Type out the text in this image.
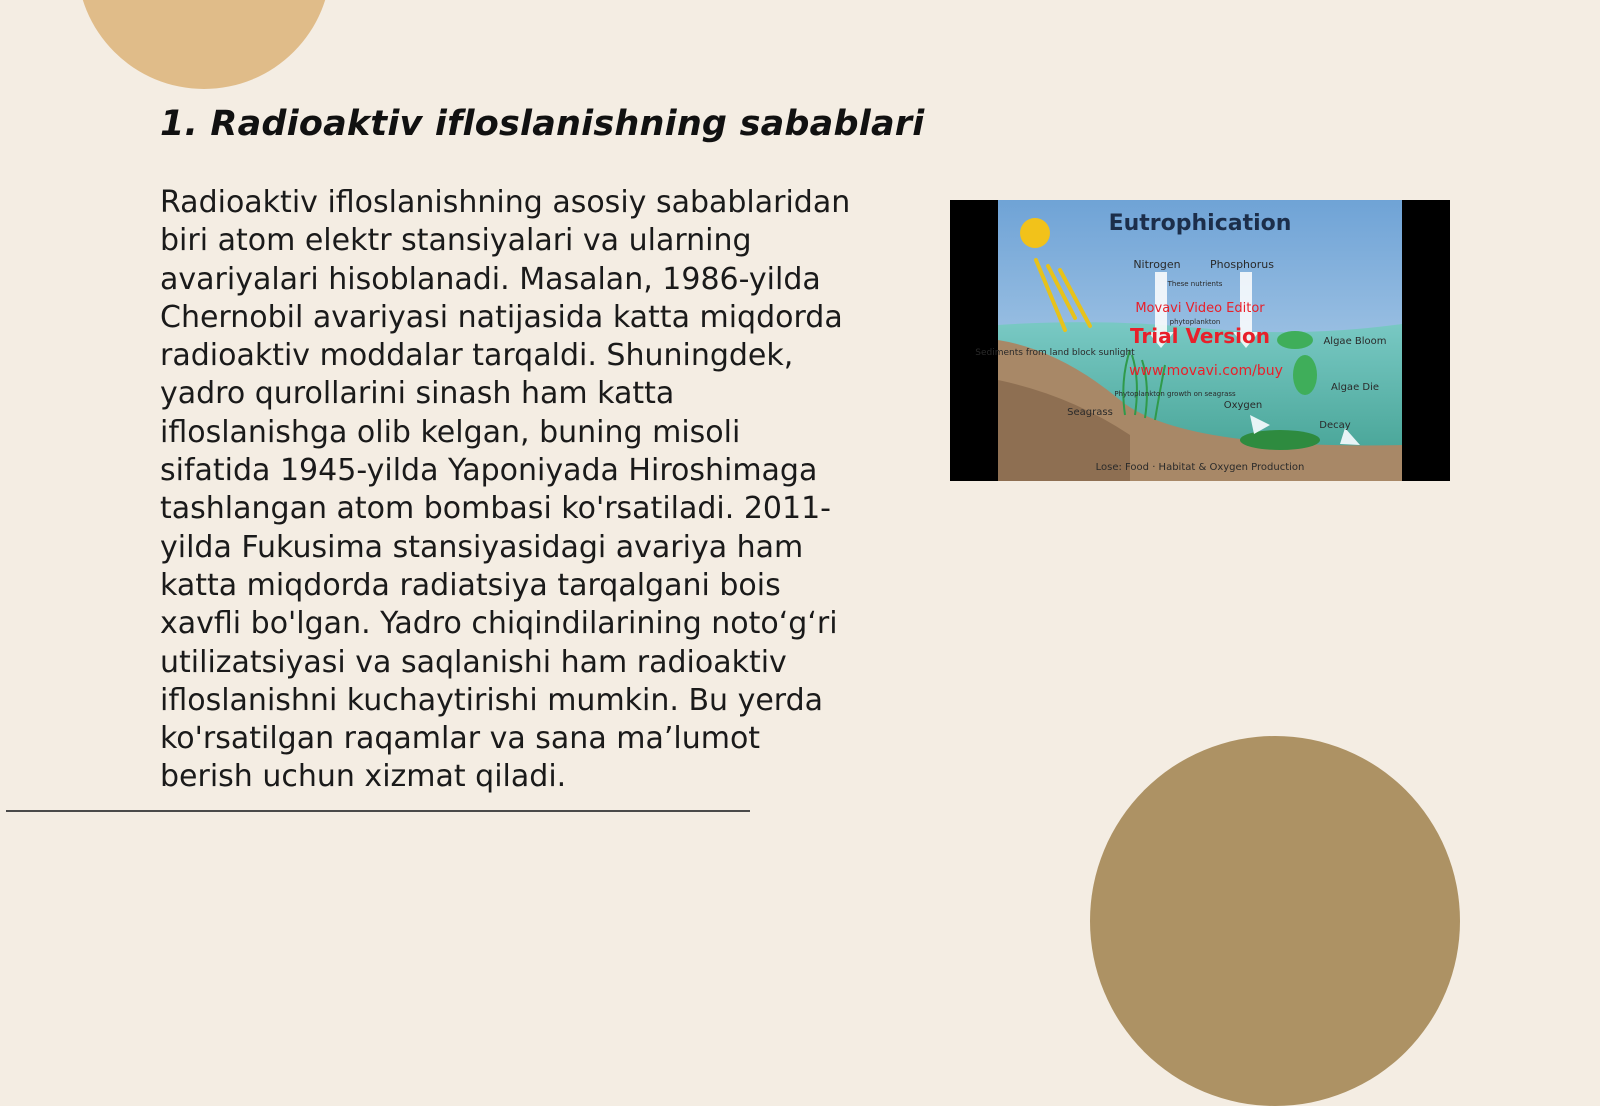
1. Radioaktiv ifloslanishning sabablari

Radioaktiv ifloslanishning asosiy sabablaridan biri atom elektr stansiyalari va ularning avariyalari hisoblanadi. Masalan, 1986-yilda Chernobil avariyasi natijasida katta miqdorda radioaktiv moddalar tarqaldi. Shuningdek, yadro qurollarini sinash ham katta ifloslanishga olib kelgan, buning misoli sifatida 1945-yilda Yaponiyada Hiroshimaga tashlangan atom bombasi ko'rsatiladi. 2011-yilda Fukusima stansiyasidagi avariya ham katta miqdorda radiatsiya tarqalgani bois xavfli bo'lgan. Yadro chiqindilarining noto‘g‘ri utilizatsiyasi va saqlanishi ham radioaktiv ifloslanishni kuchaytirishi mumkin. Bu yerda ko'rsatilgan raqamlar va sana ma’lumot berish uchun xizmat qiladi.

Eutrophication
Nitrogen	Phosphorus
These nutrients
phytoplankton
Algae Bloom
Sediments from land block sunlight
Algae Die
Phytoplankton growth on seagrass
Oxygen
Seagrass
Decay
Lose: Food · Habitat & Oxygen Production
Movavi Video Editor
Trial Version
www.movavi.com/buy
